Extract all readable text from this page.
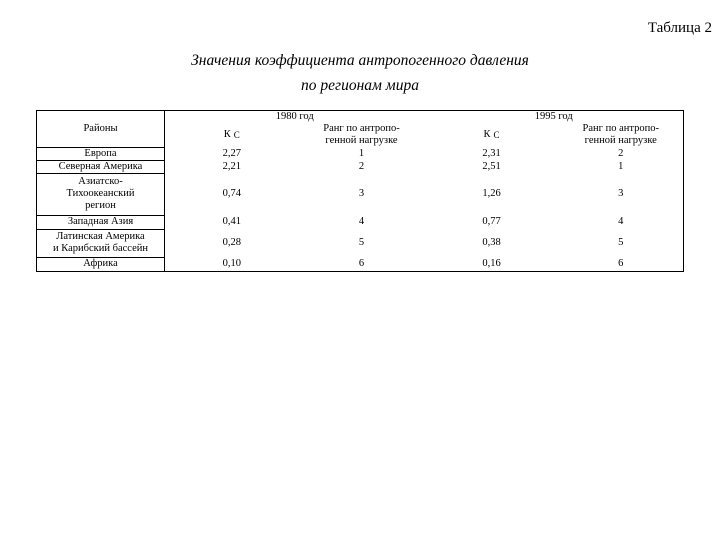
Таблица 2
Значения коэффициента антропогенного давления
по регионам мира
Районы	1980 год		1995 год	
	К $_С$	Ранг по антропо-	К $_С$	Ранг по антропо-
		генной нагрузке		генной нагрузке
Европа	2,27	1	2,31	2
Северная Америка	2,21	2	2,51	1

Азиатско-
Тихоокеанский
регион	0,74	3	1,26	3
Западная Азия	0,41	4	0,77	4

Латинская Америка
и Карибский бассейн	0,28	5	0,38	5
Африка	0,10	6	0,16	6
